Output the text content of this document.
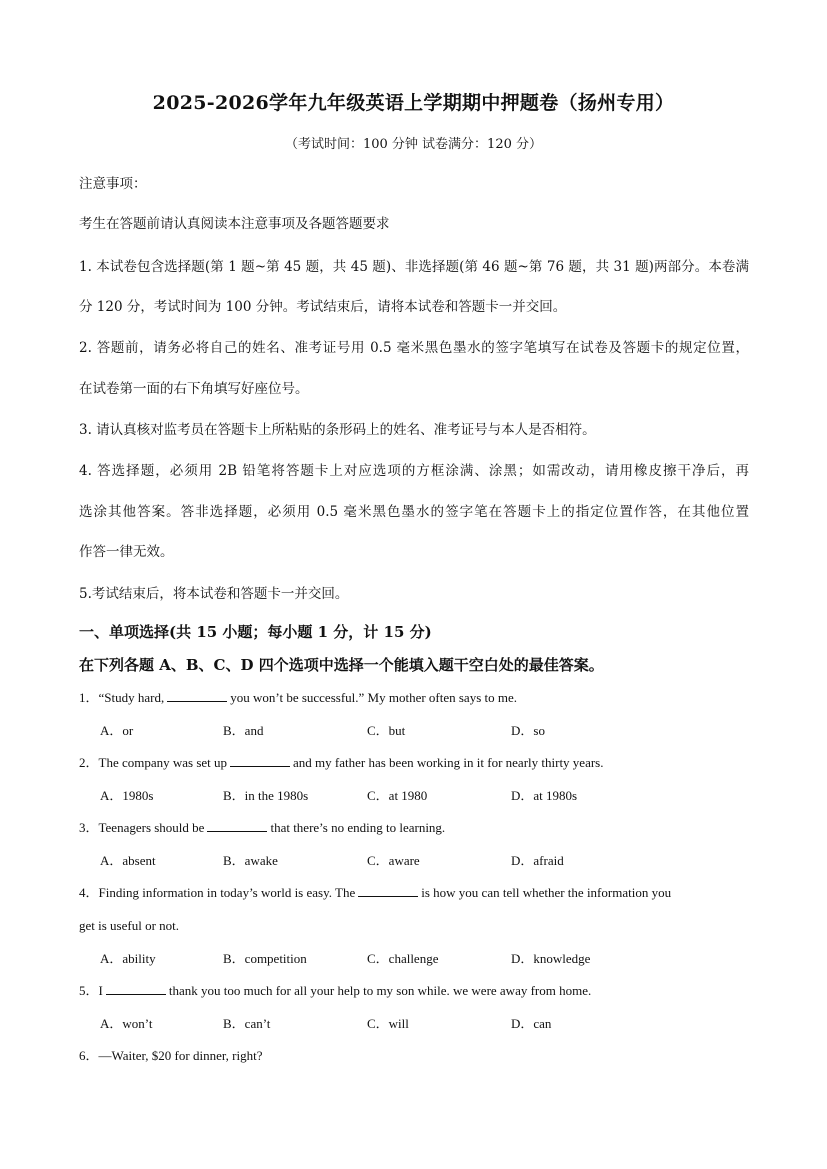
2025-2026学年九年级英语上学期期中押题卷（扬州专用）
（考试时间：100 分钟 试卷满分：120 分）
注意事项：
考生在答题前请认真阅读本注意事项及各题答题要求
1. 本试卷包含选择题(第 1 题~第 45 题，共 45 题)、非选择题(第 46 题~第 76 题，共 31 题)两部分。本卷满
分 120 分，考试时间为 100 分钟。考试结束后，请将本试卷和答题卡一并交回。
2. 答题前，请务必将自己的姓名、准考证号用 0.5 毫米黑色墨水的签字笔填写在试卷及答题卡的规定位置，
在试卷第一面的右下角填写好座位号。
3. 请认真核对监考员在答题卡上所粘贴的条形码上的姓名、准考证号与本人是否相符。
4. 答选择题，必须用 2B 铅笔将答题卡上对应选项的方框涂满、涂黑；如需改动，请用橡皮擦干净后，再
选涂其他答案。答非选择题，必须用 0.5 毫米黑色墨水的签字笔在答题卡上的指定位置作答，在其他位置
作答一律无效。
5.考试结束后，将本试卷和答题卡一并交回。
一、单项选择(共 15 小题；每小题 1 分，计 15 分)
在下列各题 A、B、C、D 四个选项中选择一个能填入题干空白处的最佳答案。
1．“Study hard,	you won’t be successful.” My mother often says to me.
A．or	B．and	C．but	D．so
2．The company was set up	and my father has been working in it for nearly thirty years.
A．1980s	B．in the 1980s	C．at 1980	D．at 1980s
3．Teenagers should be	that there’s no ending to learning.
A．absent	B．awake	C．aware	D．afraid
4．Finding information in today’s world is easy. The	is how you can tell whether the information you
get is useful or not.
A．ability	B．competition	C．challenge	D．knowledge
5．I	thank you too much for all your help to my son while. we were away from home.
A．won’t	B．can’t	C．will	D．can
6．—Waiter, $20 for dinner, right?
